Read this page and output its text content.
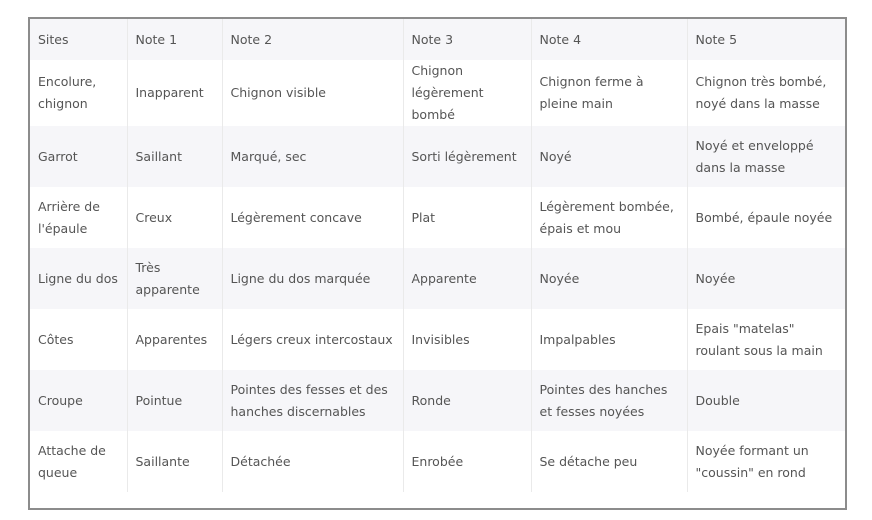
Sites	Note 1	Note 2	Note 3	Note 4	Note 5
Encolure, chignon	Inapparent	Chignon visible	Chignon légèrement bombé	Chignon ferme à pleine main	Chignon très bombé, noyé dans la masse
Garrot	Saillant	Marqué, sec	Sorti légèrement	Noyé	Noyé et enveloppé dans la masse
Arrière de l'épaule	Creux	Légèrement concave	Plat	Légèrement bombée, épais et mou	Bombé, épaule noyée
Ligne du dos	Très apparente	Ligne du dos marquée	Apparente	Noyée	Noyée
Côtes	Apparentes	Légers creux intercostaux	Invisibles	Impalpables	Epais "matelas" roulant sous la main
Croupe	Pointue	Pointes des fesses et des hanches discernables	Ronde	Pointes des hanches et fesses noyées	Double
Attache de queue	Saillante	Détachée	Enrobée	Se détache peu	Noyée formant un "coussin" en rond
